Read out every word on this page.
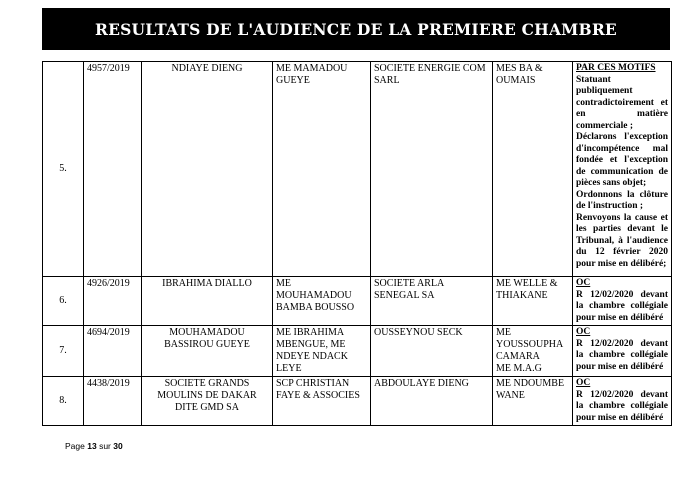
RESULTATS DE L'AUDIENCE DE LA PREMIERE CHAMBRE
5.	4957/2019	NDIAYE DIENG	ME MAMADOU GUEYE	SOCIETE ENERGIE COM SARL	MES BA & OUMAIS	PAR CES MOTIFS
Statuant publiquement contradictoirement et en matière commerciale ;
Déclarons l'exception d'incompétence mal fondée et l'exception de communication de pièces sans objet;
Ordonnons la clôture de l'instruction ;
Renvoyons la cause et les parties devant le Tribunal, à l'audience du 12 février 2020 pour mise en délibéré;

6.	4926/2019	IBRAHIMA DIALLO	ME MOUHAMADOU BAMBA BOUSSO	SOCIETE ARLA SENEGAL SA	ME WELLE & THIAKANE	OC
R 12/02/2020 devant la chambre collégiale pour mise en délibéré

7.	4694/2019	MOUHAMADOU BASSIROU GUEYE	ME IBRAHIMA MBENGUE, ME NDEYE NDACK LEYE	OUSSEYNOU SECK	ME YOUSSOUPHA CAMARA
ME M.A.G	OC
R 12/02/2020 devant la chambre collégiale pour mise en délibéré

8.	4438/2019	SOCIETE GRANDS MOULINS DE DAKAR DITE GMD SA	SCP CHRISTIAN FAYE & ASSOCIES	ABDOULAYE DIENG	ME NDOUMBE WANE	OC
R 12/02/2020 devant la chambre collégiale pour mise en délibéré
Page 13 sur 30
